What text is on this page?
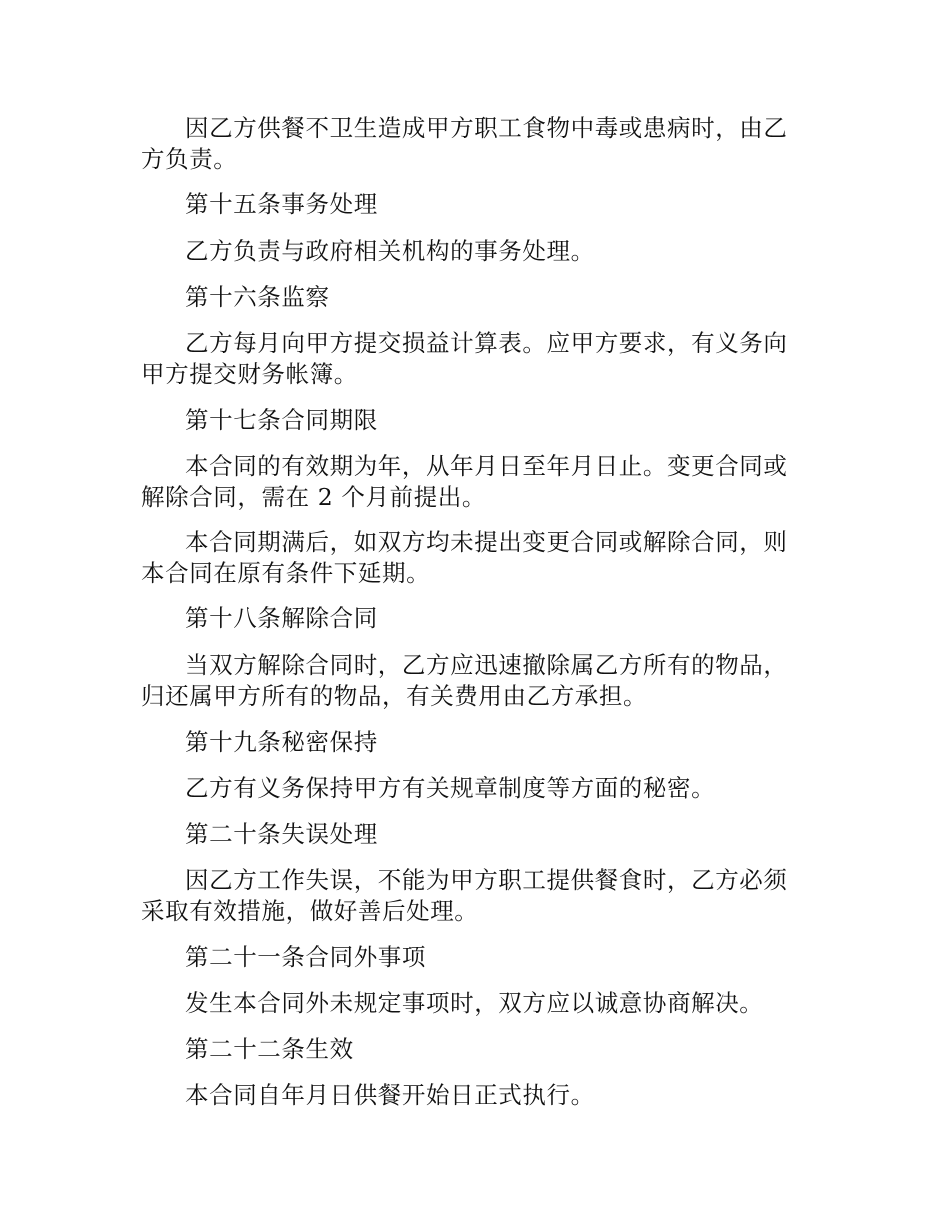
因乙方供餐不卫生造成甲方职工食物中毒或患病时，由乙方负责。

第十五条事务处理

乙方负责与政府相关机构的事务处理。

第十六条监察

乙方每月向甲方提交损益计算表。应甲方要求，有义务向甲方提交财务帐簿。

第十七条合同期限

本合同的有效期为年，从年月日至年月日止。变更合同或解除合同，需在 2 个月前提出。

本合同期满后，如双方均未提出变更合同或解除合同，则本合同在原有条件下延期。

第十八条解除合同

当双方解除合同时，乙方应迅速撤除属乙方所有的物品，归还属甲方所有的物品，有关费用由乙方承担。

第十九条秘密保持

乙方有义务保持甲方有关规章制度等方面的秘密。

第二十条失误处理

因乙方工作失误，不能为甲方职工提供餐食时，乙方必须采取有效措施，做好善后处理。

第二十一条合同外事项

发生本合同外未规定事项时，双方应以诚意协商解决。

第二十二条生效

本合同自年月日供餐开始日正式执行。
